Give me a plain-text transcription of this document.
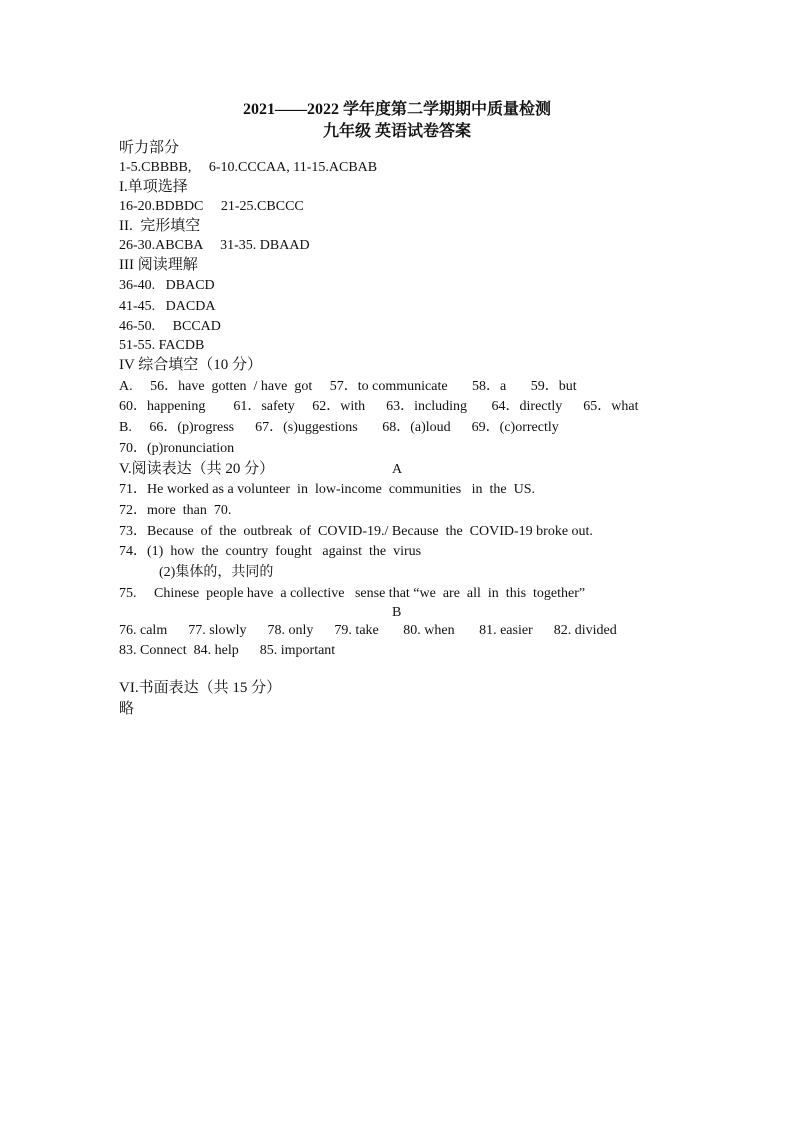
2021——2022 学年度第二学期期中质量检测
九年级 英语试卷答案
听力部分
1-5.CBBBB,     6-10.CCCAA, 11-15.ACBAB
I.单项选择
16-20.BDBDC     21-25.CBCCC
II.  完形填空
26-30.ABCBA     31-35. DBAAD
III 阅读理解
36-40.   DBACD
41-45.   DACDA
46-50.     BCCAD
51-55. FACDB
IV 综合填空（10 分）
A.     56．have  gotten  / have  got     57．to communicate       58．a       59．but
60．happening        61．safety     62．with      63．including       64．directly      65．what
B.     66．(p)rogress      67．(s)uggestions       68．(a)loud      69．(c)orrectly
70．(p)ronunciation
V.阅读表达（共 20 分）	A
71．He worked as a volunteer  in  low-income  communities   in  the  US.
72．more  than  70.
73．Because  of  the  outbreak  of  COVID-19./ Because  the  COVID-19 broke out.
74．(1)  how  the  country  fought   against  the  virus
(2)集体的，共同的
75.     Chinese  people have  a collective   sense that “we  are  all  in  this  together”
B
76. calm      77. slowly      78. only      79. take       80. when       81. easier      82. divided
83. Connect  84. help      85. important
VI.书面表达（共 15 分）
略
